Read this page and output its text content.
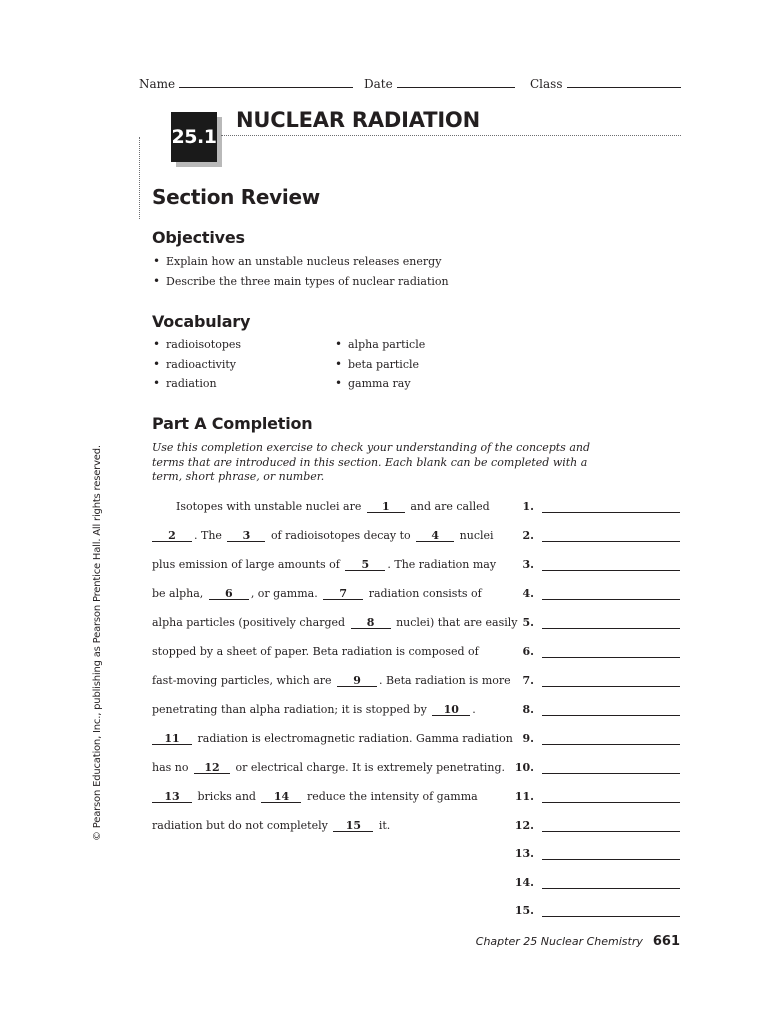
Name	Date	Class
25.1
NUCLEAR RADIATION
Section Review
Objectives
• Explain how an unstable nucleus releases energy
• Describe the three main types of nuclear radiation
Vocabulary
• radioisotopes
• radioactivity
• radiation
• alpha particle
• beta particle
• gamma ray
Part A Completion
Use this completion exercise to check your understanding of the concepts and terms that are introduced in this section. Each blank can be completed with a term, short phrase, or number.
Isotopes with unstable nuclei are 1 and are called
2 . The 3 of radioisotopes decay to 4 nuclei
plus emission of large amounts of 5 . The radiation may
be alpha, 6 , or gamma. 7 radiation consists of
alpha particles (positively charged 8 nuclei) that are easily
stopped by a sheet of paper. Beta radiation is composed of
fast-moving particles, which are 9 . Beta radiation is more
penetrating than alpha radiation; it is stopped by 10 .
11 radiation is electromagnetic radiation. Gamma radiation
has no 12 or electrical charge. It is extremely penetrating.
13 bricks and 14 reduce the intensity of gamma
radiation but do not completely 15 it.
1.
2.
3.
4.
5.
6.
7.
8.
9.
10.
11.
12.
13.
14.
15.
© Pearson Education, Inc., publishing as Pearson Prentice Hall. All rights reserved.
Chapter 25 Nuclear Chemistry 661
